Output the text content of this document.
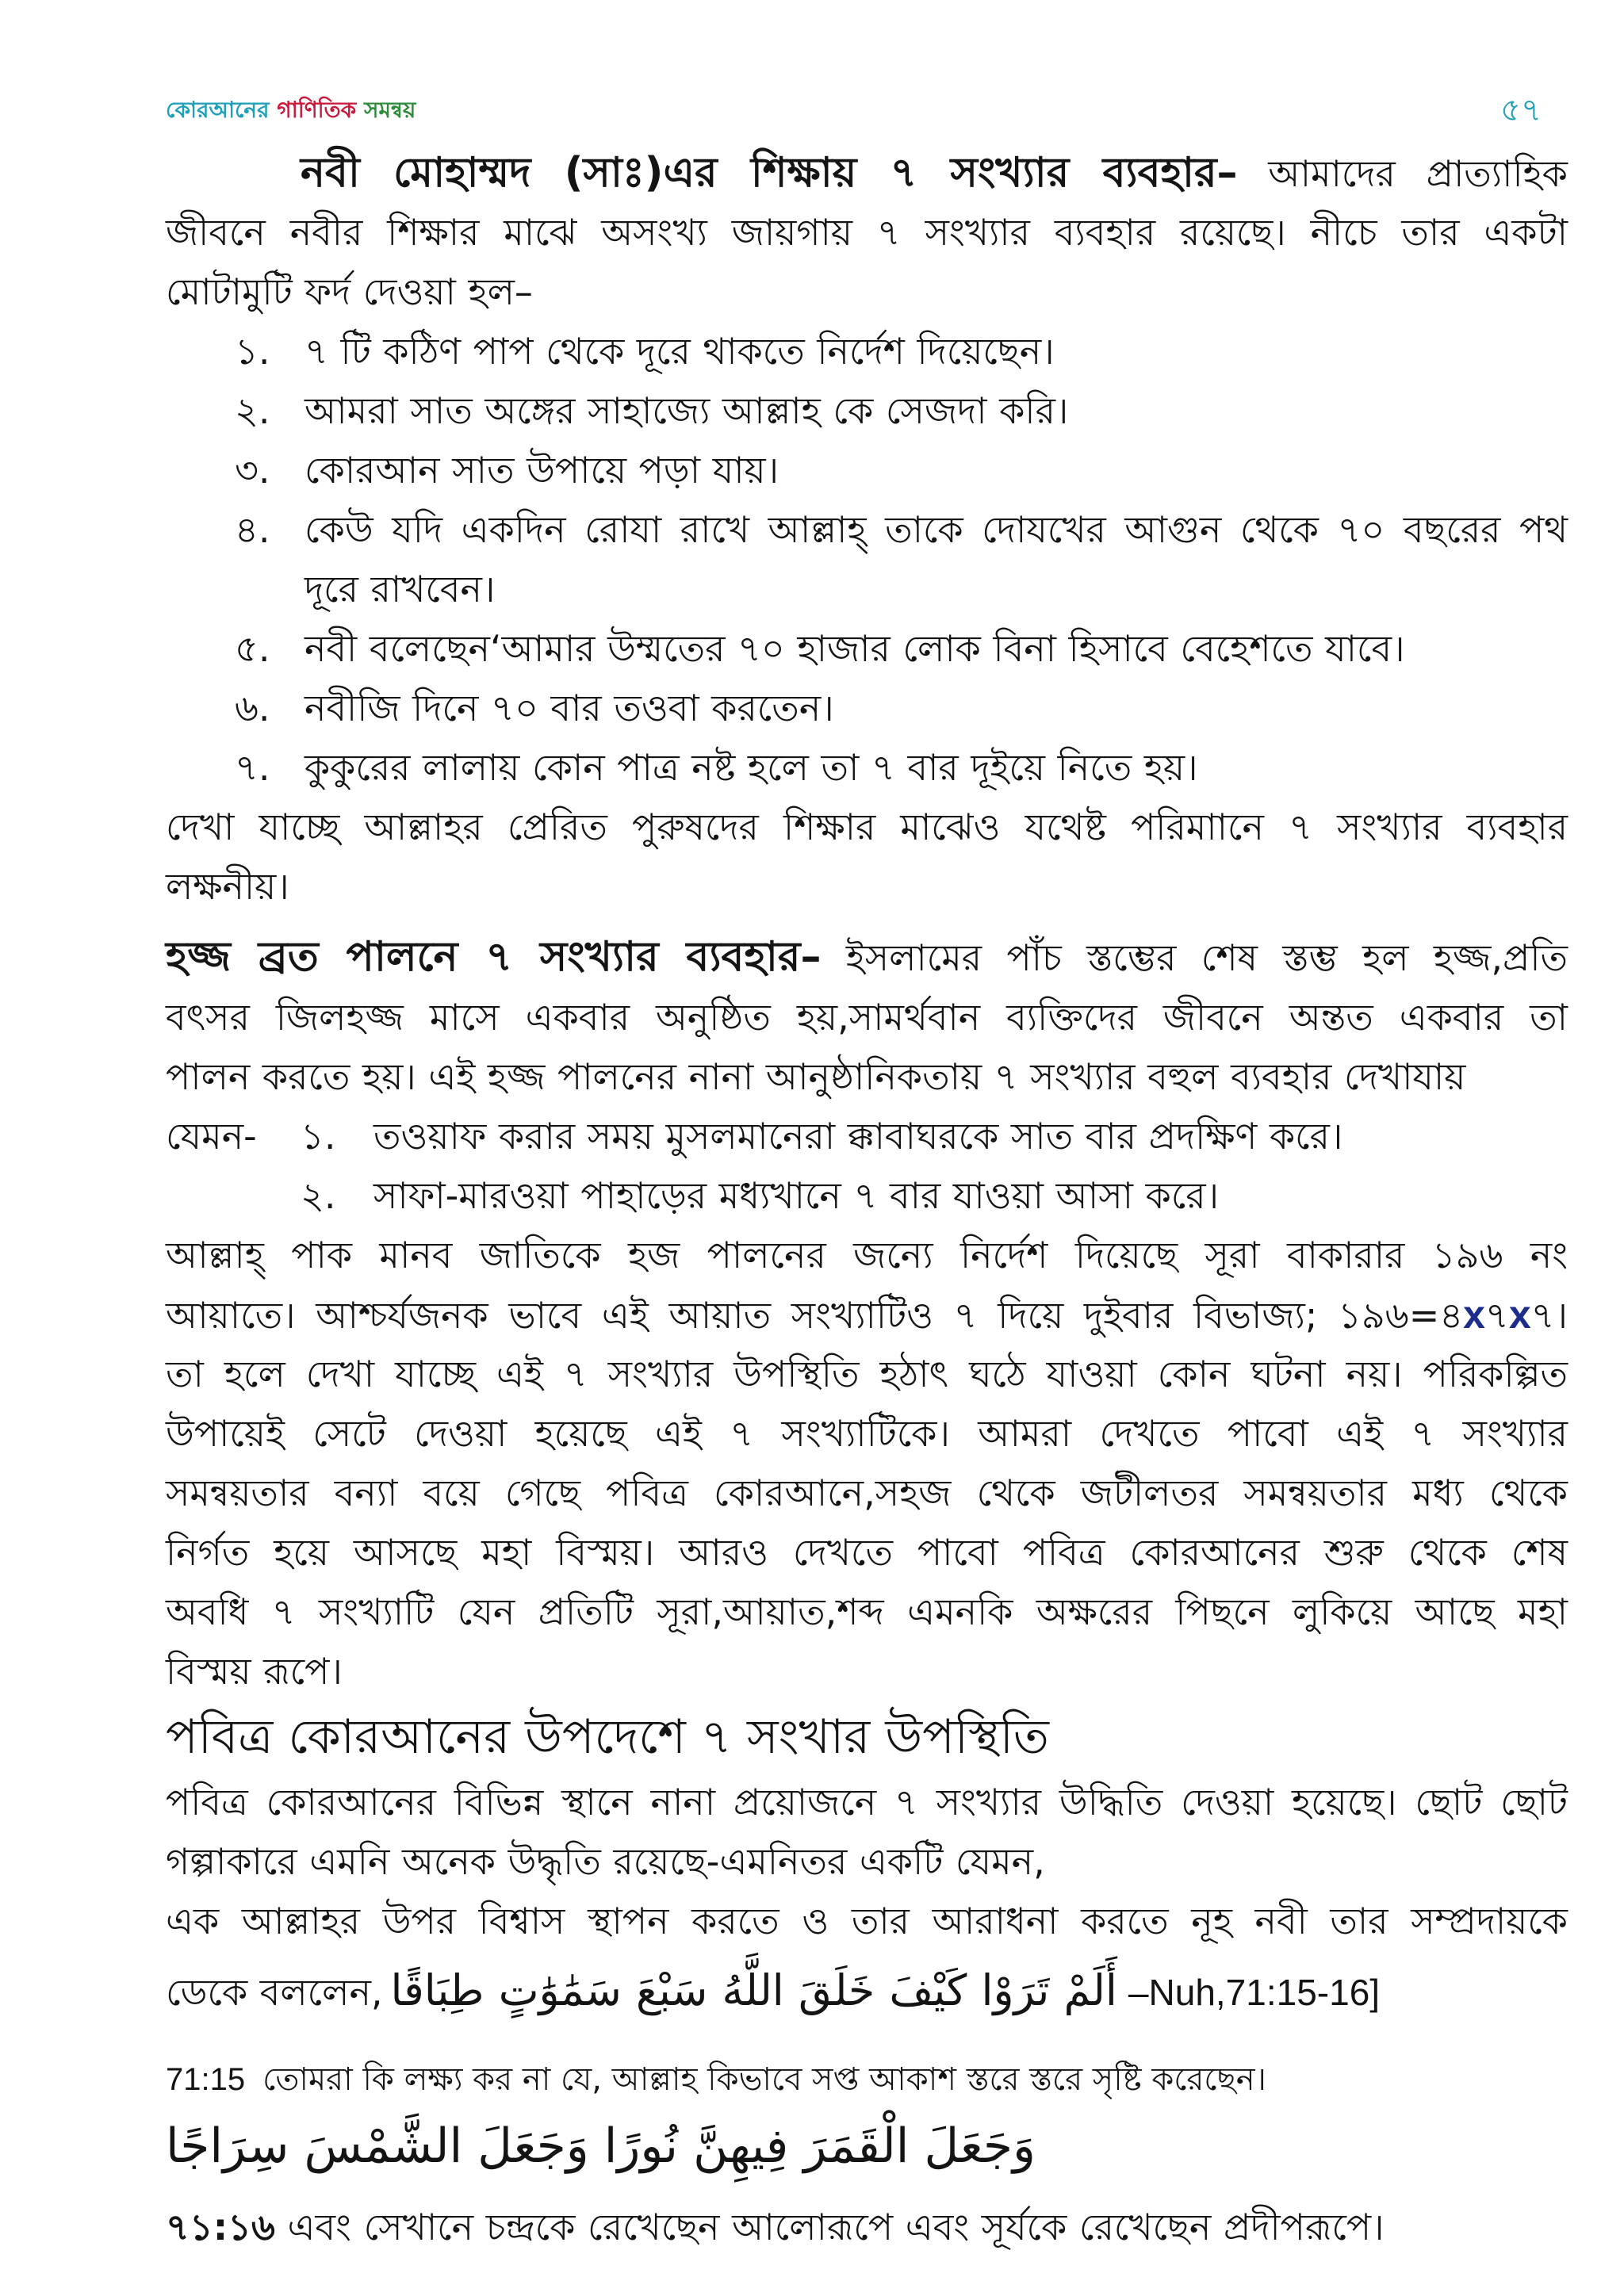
কোরআনের গাণিতিক সমন্বয়	৫৭
নবী মোহাম্মদ (সাঃ)এর শিক্ষায় ৭ সংখ্যার ব্যবহার– আমাদের প্রাত্যাহিক
জীবনে নবীর শিক্ষার মাঝে অসংখ্য জায়গায় ৭ সংখ্যার ব্যবহার রয়েছে। নীচে তার একটা
মোটামুটি ফর্দ দেওয়া হল–
১. ৭ টি কঠিণ পাপ থেকে দূরে থাকতে নির্দেশ দিয়েছেন।
২. আমরা সাত অঙ্গের সাহাজ্যে আল্লাহ কে সেজদা করি।
৩. কোরআন সাত উপায়ে পড়া যায়।
৪. কেউ যদি একদিন রোযা রাখে আল্লাহ্ তাকে দোযখের আগুন থেকে ৭০ বছরের পথ
দূরে রাখবেন।
৫. নবী বলেছেন‘আমার উম্মতের ৭০ হাজার লোক বিনা হিসাবে বেহেশতে যাবে।
৬. নবীজি দিনে ৭০ বার তওবা করতেন।
৭. কুকুরের লালায় কোন পাত্র নষ্ট হলে তা ৭ বার দূইয়ে নিতে হয়।
দেখা যাচ্ছে আল্লাহর প্রেরিত পুরুষদের শিক্ষার মাঝেও যথেষ্ট পরিমাানে ৭ সংখ্যার ব্যবহার
লক্ষনীয়।
হজ্জ ব্রত পালনে ৭ সংখ্যার ব্যবহার– ইসলামের পাঁচ স্তম্ভের শেষ স্তম্ভ হল হজ্জ,প্রতি
বৎসর জিলহজ্জ মাসে একবার অনুষ্ঠিত হয়,সামর্থবান ব্যক্তিদের জীবনে অন্তত একবার তা
পালন করতে হয়। এই হজ্জ পালনের নানা আনুষ্ঠানিকতায় ৭ সংখ্যার বহুল ব্যবহার দেখাযায় যেমন-	১. তওয়াফ করার সময় মুসলমানেরা ক্কাবাঘরকে সাত বার প্রদক্ষিণ করে।
২. সাফা-মারওয়া পাহাড়ের মধ্যখানে ৭ বার যাওয়া আসা করে।
আল্লাহ্ পাক মানব জাতিকে হজ পালনের জন্যে নির্দেশ দিয়েছে সূরা বাকারার ১৯৬ নং
আয়াতে। আশ্চর্যজনক ভাবে এই আয়াত সংখ্যাটিও ৭ দিয়ে দুইবার বিভাজ্য; ১৯৬=৪x৭x৭।
তা হলে দেখা যাচ্ছে এই ৭ সংখ্যার উপস্থিতি হঠাৎ ঘঠে যাওয়া কোন ঘটনা নয়। পরিকল্পিত
উপায়েই সেটে দেওয়া হয়েছে এই ৭ সংখ্যাটিকে। আমরা দেখতে পাবো এই ৭ সংখ্যার
সমন্বয়তার বন্যা বয়ে গেছে পবিত্র কোরআনে,সহজ থেকে জটীলতর সমন্বয়তার মধ্য থেকে
নির্গত হয়ে আসছে মহা বিস্ময়। আরও দেখতে পাবো পবিত্র কোরআনের শুরু থেকে শেষ
অবধি ৭ সংখ্যাটি যেন প্রতিটি সূরা,আয়াত,শব্দ এমনকি অক্ষরের পিছনে লুকিয়ে আছে মহা
বিস্ময় রূপে।
পবিত্র কোরআনের উপদেশে ৭ সংখার উপস্থিতি
পবিত্র কোরআনের বিভিন্ন স্থানে নানা প্রয়োজনে ৭ সংখ্যার উদ্ধিতি দেওয়া হয়েছে। ছোট ছোট
গল্পাকারে এমনি অনেক উদ্ধৃতি রয়েছে-এমনিতর একটি যেমন,
এক আল্লাহর উপর বিশ্বাস স্থাপন করতে ও তার আরাধনা করতে নূহ নবী তার সম্প্রদায়কে
ডেকে বললেন, أَلَمْ تَرَوْا كَيْفَ خَلَقَ اللَّهُ سَبْعَ سَمَٰوَٰتٍ طِبَاقًا –Nuh,71:15-16]
71:15 তোমরা কি লক্ষ্য কর না যে, আল্লাহ কিভাবে সপ্ত আকাশ স্তরে স্তরে সৃষ্টি করেছেন।
وَجَعَلَ الْقَمَرَ فِيهِنَّ نُورًا وَجَعَلَ الشَّمْسَ سِرَاجًا
৭১:১৬ এবং সেখানে চন্দ্রকে রেখেছেন আলোরূপে এবং সূর্যকে রেখেছেন প্রদীপরূপে।
